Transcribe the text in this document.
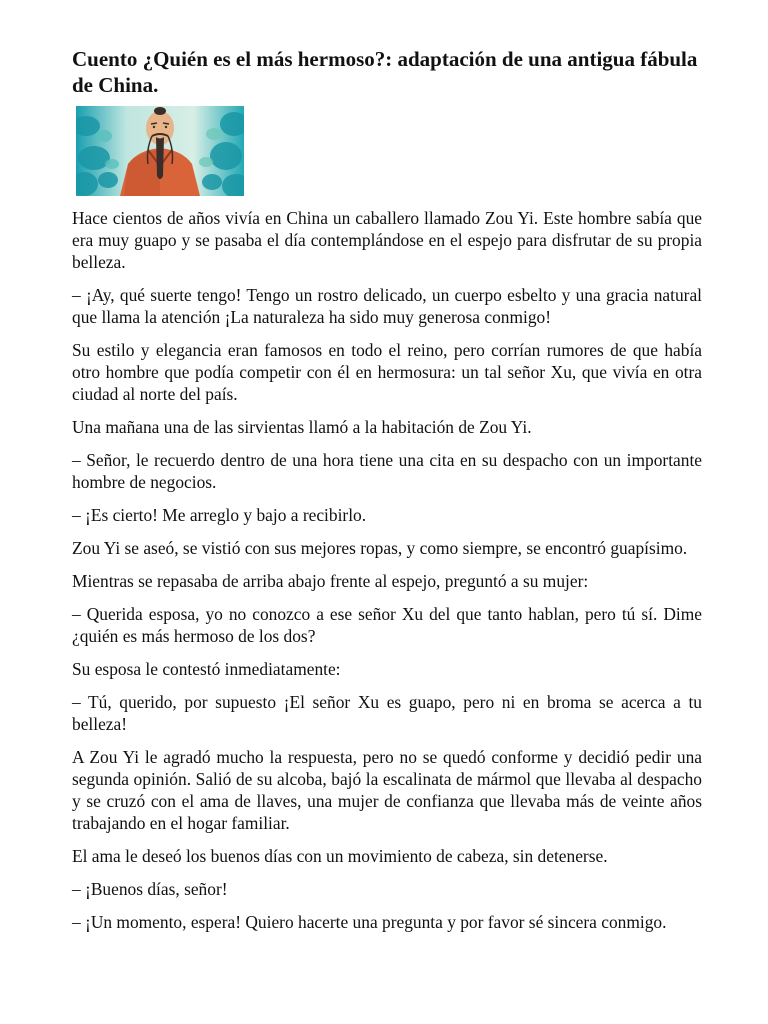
Cuento ¿Quién es el más hermoso?: adaptación de una antigua fábula de China.

Hace cientos de años vivía en China un caballero llamado Zou Yi. Este hombre sabía que era muy guapo y se pasaba el día contemplándose en el espejo para disfrutar de su propia belleza.

– ¡Ay, qué suerte tengo! Tengo un rostro delicado, un cuerpo esbelto y una gracia natural que llama la atención ¡La naturaleza ha sido muy generosa conmigo!

Su estilo y elegancia eran famosos en todo el reino, pero corrían rumores de que había otro hombre que podía competir con él en hermosura: un tal señor Xu, que vivía en otra ciudad al norte del país.

Una mañana una de las sirvientas llamó a la habitación de Zou Yi.

– Señor, le recuerdo dentro de una hora tiene una cita en su despacho con un importante hombre de negocios.

– ¡Es cierto! Me arreglo y bajo a recibirlo.

Zou Yi se aseó, se vistió con sus mejores ropas, y como siempre, se encontró guapísimo.

Mientras se repasaba de arriba abajo frente al espejo, preguntó a su mujer:

– Querida esposa, yo no conozco a ese señor Xu del que tanto hablan, pero tú sí. Dime ¿quién es más hermoso de los dos?

Su esposa le contestó inmediatamente:

– Tú, querido, por supuesto ¡El señor Xu es guapo, pero ni en broma se acerca a tu belleza!

A Zou Yi le agradó mucho la respuesta, pero no se quedó conforme y decidió pedir una segunda opinión. Salió de su alcoba, bajó la escalinata de mármol que llevaba al despacho y se cruzó con el ama de llaves, una mujer de confianza que llevaba más de veinte años trabajando en el hogar familiar.

El ama le deseó los buenos días con un movimiento de cabeza, sin detenerse.

– ¡Buenos días, señor!

– ¡Un momento, espera! Quiero hacerte una pregunta y por favor sé sincera conmigo.
